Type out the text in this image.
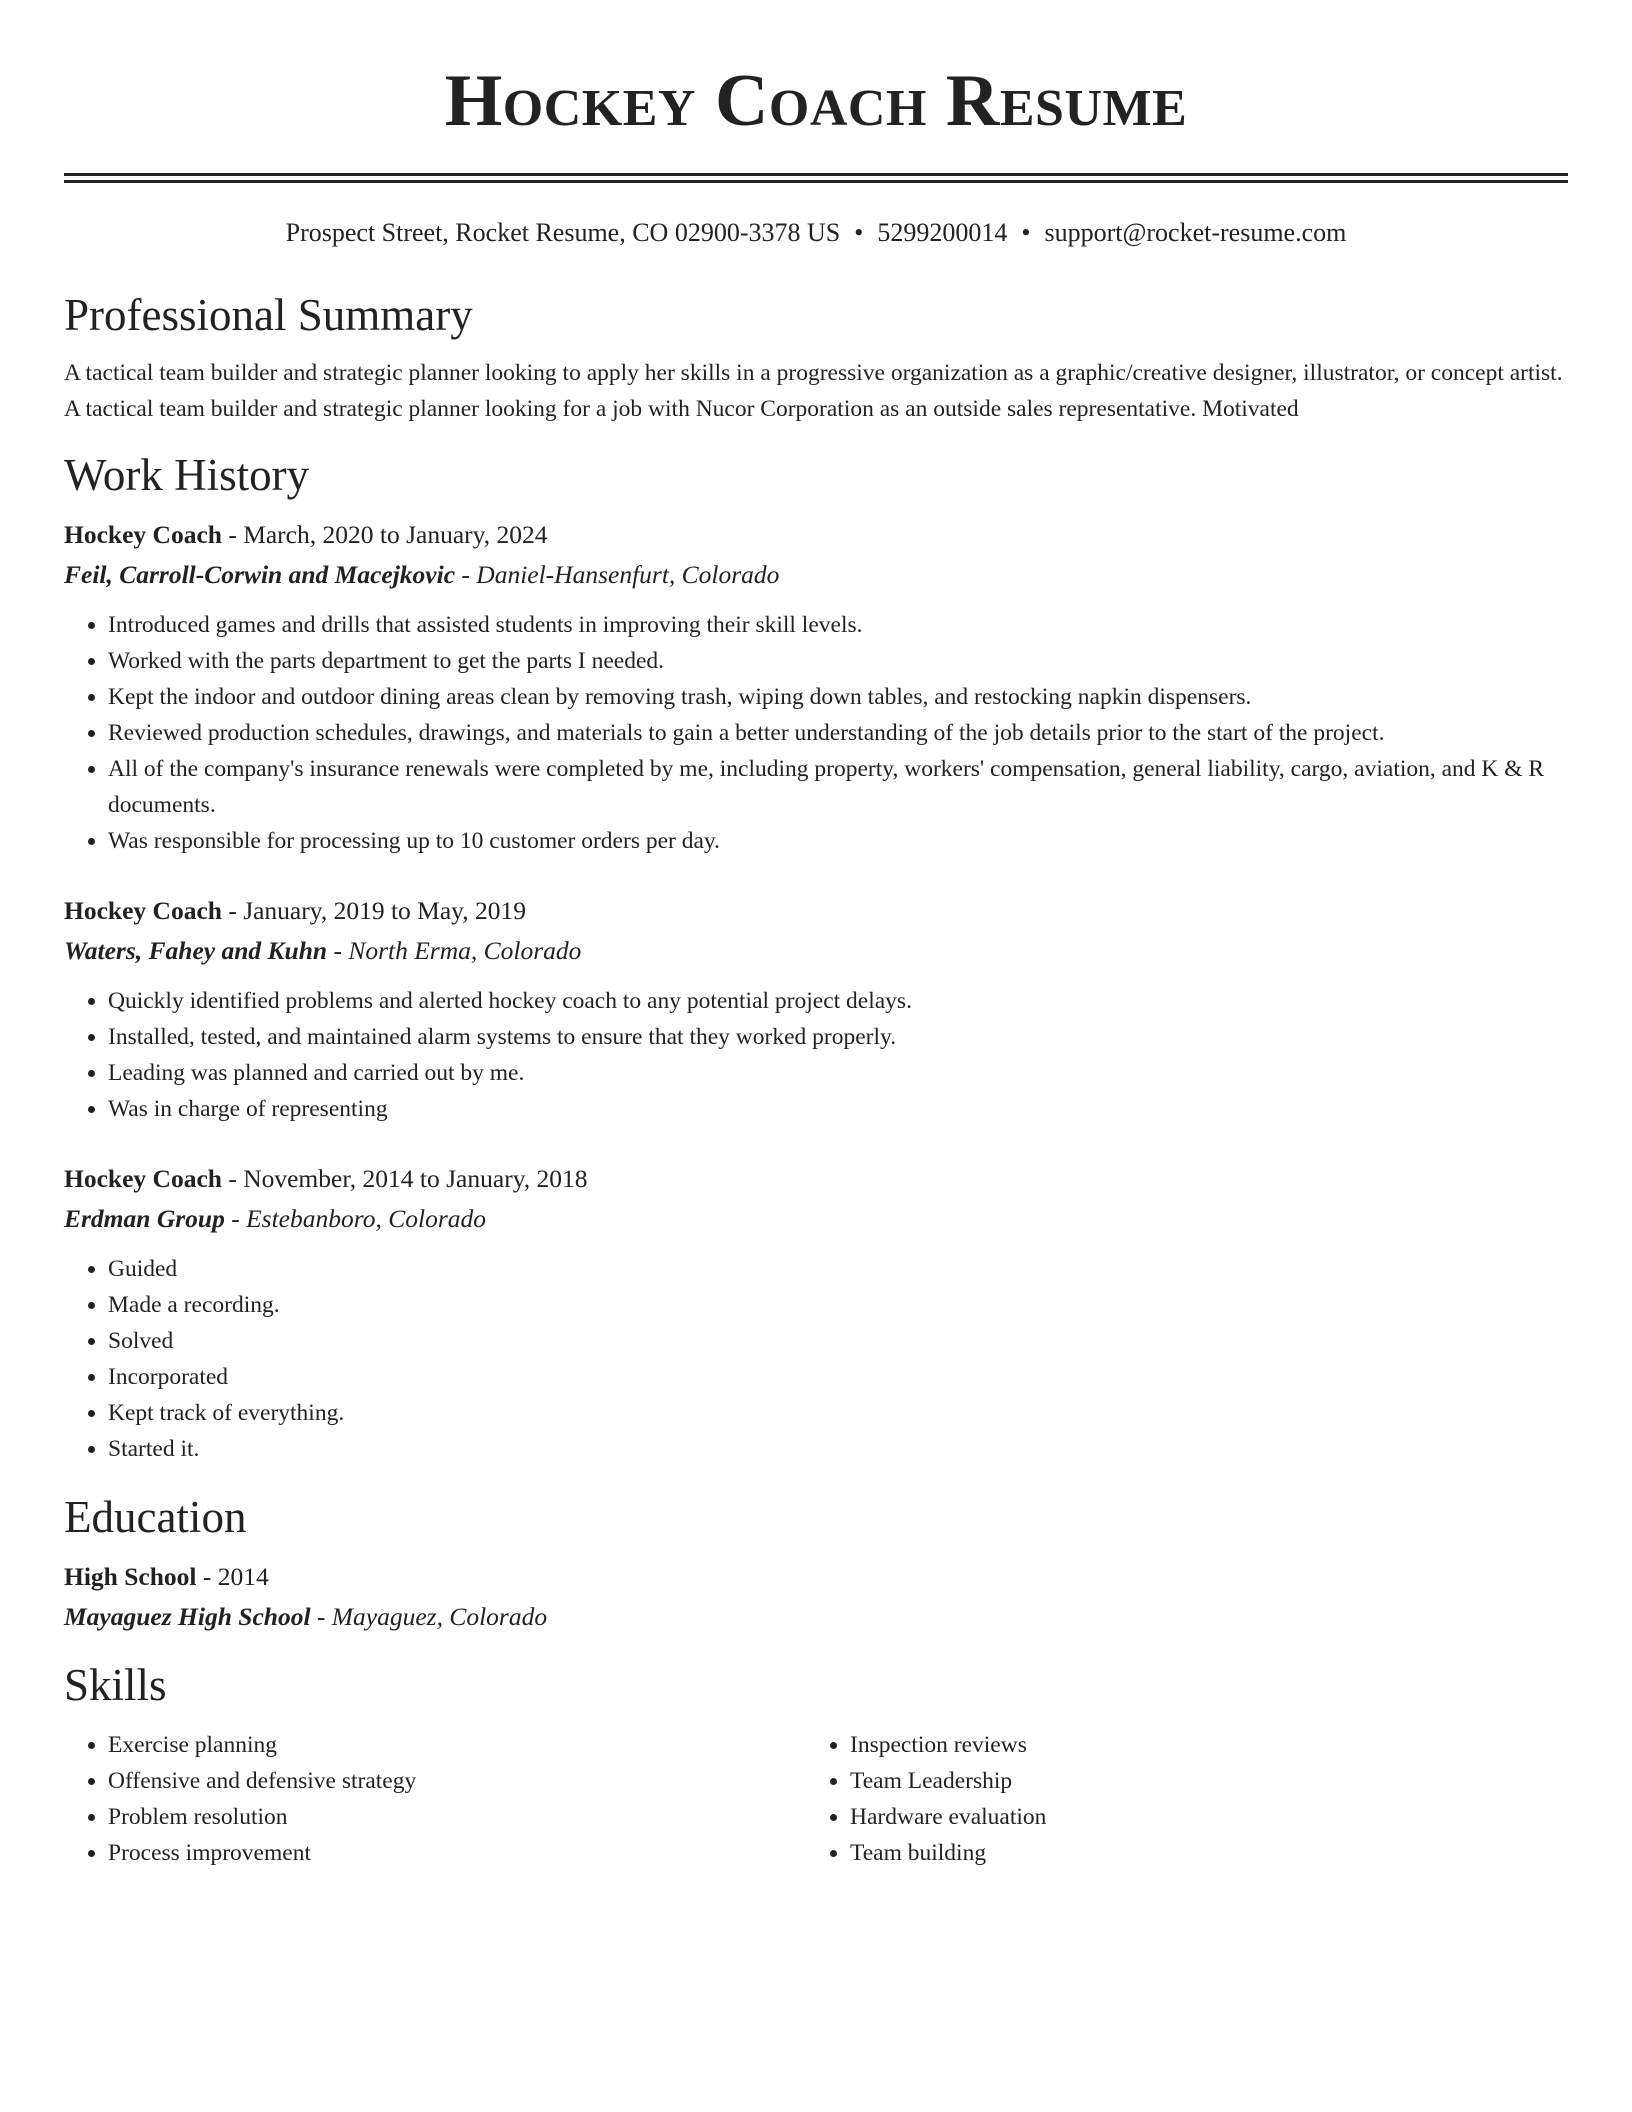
Hockey Coach Resume
Prospect Street, Rocket Resume, CO 02900-3378 US • 5299200014 • support@rocket-resume.com
Professional Summary
A tactical team builder and strategic planner looking to apply her skills in a progressive organization as a graphic/creative designer, illustrator, or concept artist. A tactical team builder and strategic planner looking for a job with Nucor Corporation as an outside sales representative. Motivated
Work History
Hockey Coach - March, 2020 to January, 2024
Feil, Carroll-Corwin and Macejkovic - Daniel-Hansenfurt, Colorado
• Introduced games and drills that assisted students in improving their skill levels.
• Worked with the parts department to get the parts I needed.
• Kept the indoor and outdoor dining areas clean by removing trash, wiping down tables, and restocking napkin dispensers.
• Reviewed production schedules, drawings, and materials to gain a better understanding of the job details prior to the start of the project.
• All of the company's insurance renewals were completed by me, including property, workers' compensation, general liability, cargo, aviation, and K & R documents.
• Was responsible for processing up to 10 customer orders per day.
Hockey Coach - January, 2019 to May, 2019
Waters, Fahey and Kuhn - North Erma, Colorado
• Quickly identified problems and alerted hockey coach to any potential project delays.
• Installed, tested, and maintained alarm systems to ensure that they worked properly.
• Leading was planned and carried out by me.
• Was in charge of representing
Hockey Coach - November, 2014 to January, 2018
Erdman Group - Estebanboro, Colorado
• Guided
• Made a recording.
• Solved
• Incorporated
• Kept track of everything.
• Started it.
Education
High School - 2014
Mayaguez High School - Mayaguez, Colorado
Skills
• Exercise planning
• Offensive and defensive strategy
• Problem resolution
• Process improvement
• Inspection reviews
• Team Leadership
• Hardware evaluation
• Team building
